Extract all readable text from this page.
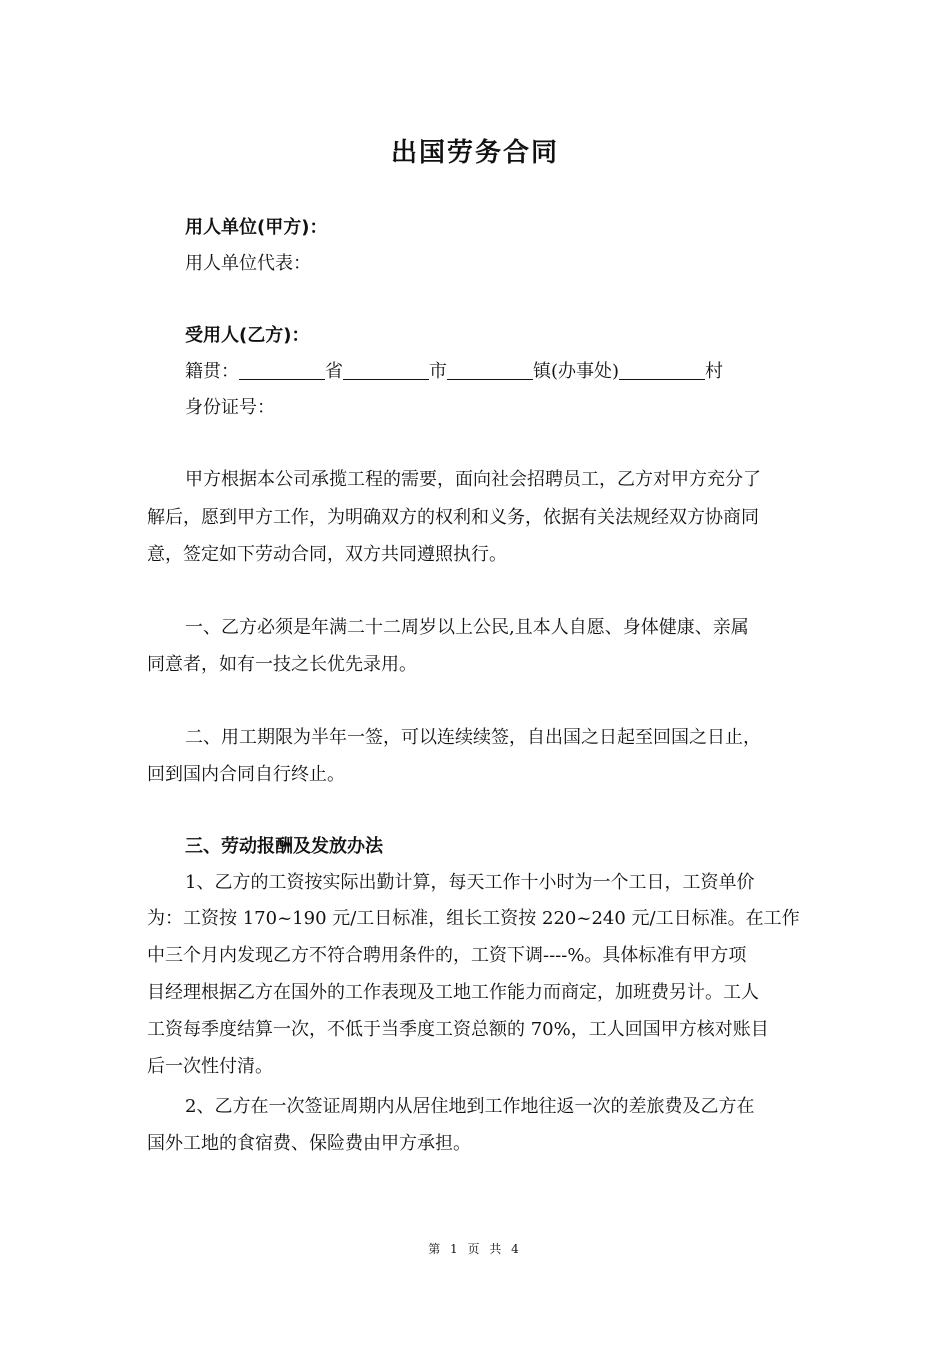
出国劳务合同
用人单位(甲方)：
用人单位代表：
受用人(乙方)：
籍贯：	省	市	镇(办事处)	村
身份证号：
甲方根据本公司承揽工程的需要，面向社会招聘员工，乙方对甲方充分了
解后，愿到甲方工作，为明确双方的权利和义务，依据有关法规经双方协商同
意，签定如下劳动合同，双方共同遵照执行。
一、乙方必须是年满二十二周岁以上公民,且本人自愿、身体健康、亲属
同意者，如有一技之长优先录用。
二、用工期限为半年一签，可以连续续签，自出国之日起至回国之日止，
回到国内合同自行终止。
三、劳动报酬及发放办法
1、乙方的工资按实际出勤计算，每天工作十小时为一个工日，工资单价
为：工资按 170~190 元/工日标准，组长工资按 220~240 元/工日标准。在工作
中三个月内发现乙方不符合聘用条件的，工资下调----%。具体标准有甲方项
目经理根据乙方在国外的工作表现及工地工作能力而商定，加班费另计。工人
工资每季度结算一次，不低于当季度工资总额的 70%，工人回国甲方核对账目
后一次性付清。
2、乙方在一次签证周期内从居住地到工作地往返一次的差旅费及乙方在
国外工地的食宿费、保险费由甲方承担。
第 1 页 共 4
